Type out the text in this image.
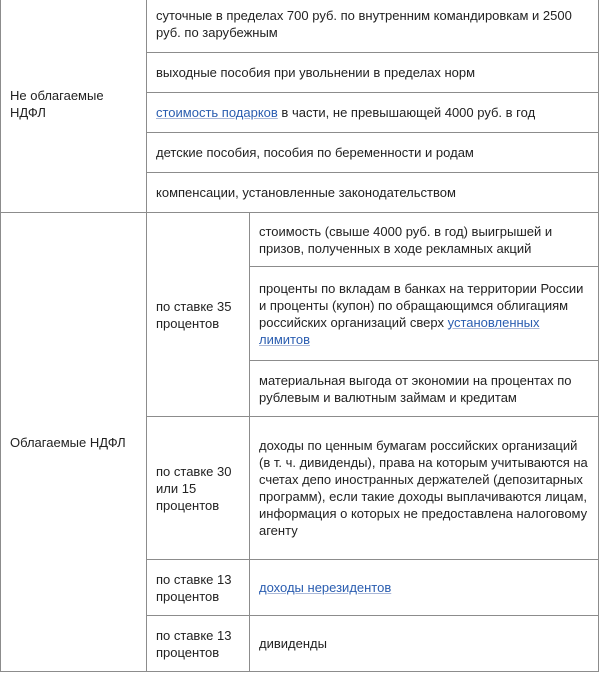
Не облагаемые НДФЛ	суточные в пределах 700 руб. по внутренним командировкам и 2500 руб. по зарубежным
выходные пособия при увольнении в пределах норм
стоимость подарков в части, не превышающей 4000 руб. в год
детские пособия, пособия по беременности и родам
компенсации, установленные законодательством
Облагаемые НДФЛ	по ставке 35 процентов	стоимость (свыше 4000 руб. в год) выигрышей и призов, полученных в ходе рекламных акций
проценты по вкладам в банках на территории России и проценты (купон) по обращающимся облигациям российских организаций сверх установленных лимитов
материальная выгода от экономии на процентах по рублевым и валютным займам и кредитам
по ставке 30 или 15 процентов	доходы по ценным бумагам российских организаций (в т. ч. дивиденды), права на которым учитываются на счетах депо иностранных держателей (депозитарных программ), если такие доходы выплачиваются лицам, информация о которых не предоставлена налоговому агенту
по ставке 13 процентов	доходы нерезидентов
по ставке 13 процентов	дивиденды
